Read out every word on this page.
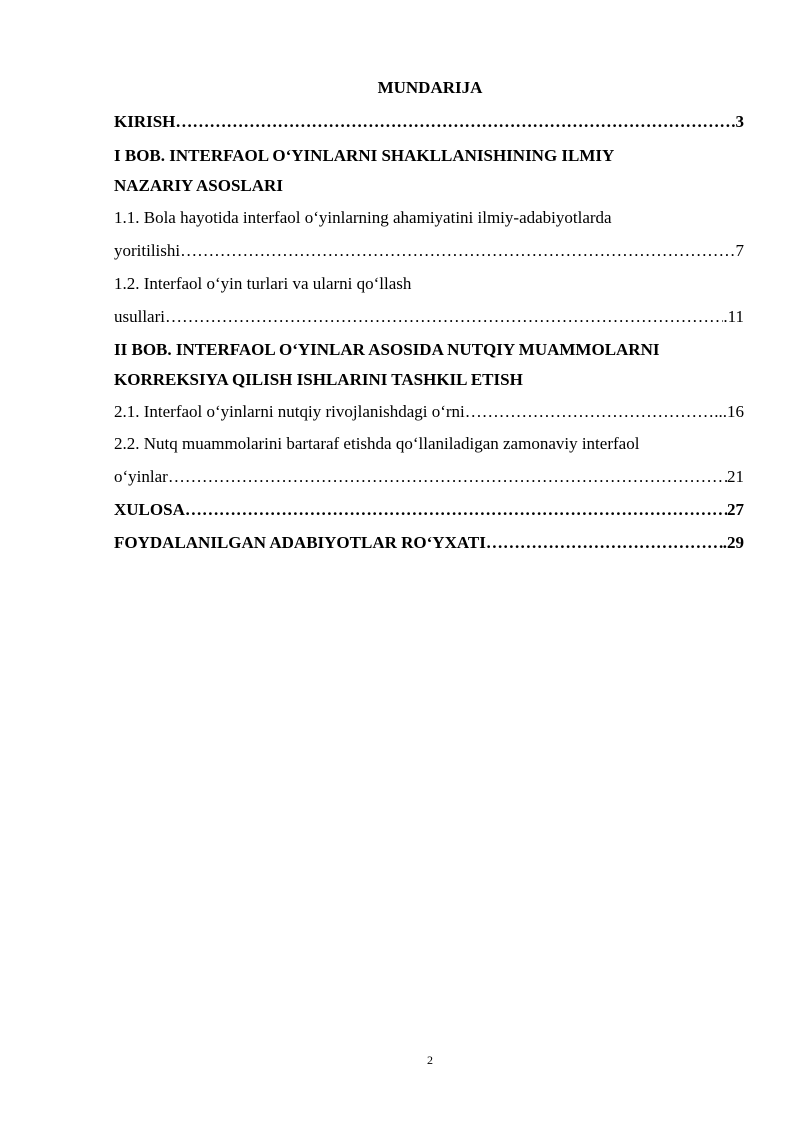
MUNDARIJA
KIRISH …………………………………………………………………………………………………………………………………………………………………………	.3
I BOB. INTERFAOL O‘YINLARNI SHAKLLANISHINING ILMIY
NAZARIY ASOSLARI
1.1. Bola hayotida interfaol o‘yinlarning ahamiyatini ilmiy-adabiyotlarda
yoritilishi …………………………………………………………………………………………………………………………………………………………………………	7
1.2. Interfaol o‘yin turlari va ularni qo‘llash
usullari …………………………………………………………………………………………………………………………………………………………………………	.11
II BOB. INTERFAOL O‘YINLAR ASOSIDA NUTQIY MUAMMOLARNI
KORREKSIYA QILISH ISHLARINI TASHKIL ETISH
2.1. Interfaol o‘yinlarni nutqiy rivojlanishdagi o‘rni …………………………………………………………………………………………………………………………………………………………………………	...16
2.2. Nutq muammolarini bartaraf etishda qo‘llaniladigan zamonaviy interfaol
o‘yinlar …………………………………………………………………………………………………………………………………………………………………………	21
XULOSA …………………………………………………………………………………………………………………………………………………………………………	27
FOYDALANILGAN ADABIYOTLAR RO‘YXATI …………………………………………………………………………………………………………………………………………………………………………	.29
2
